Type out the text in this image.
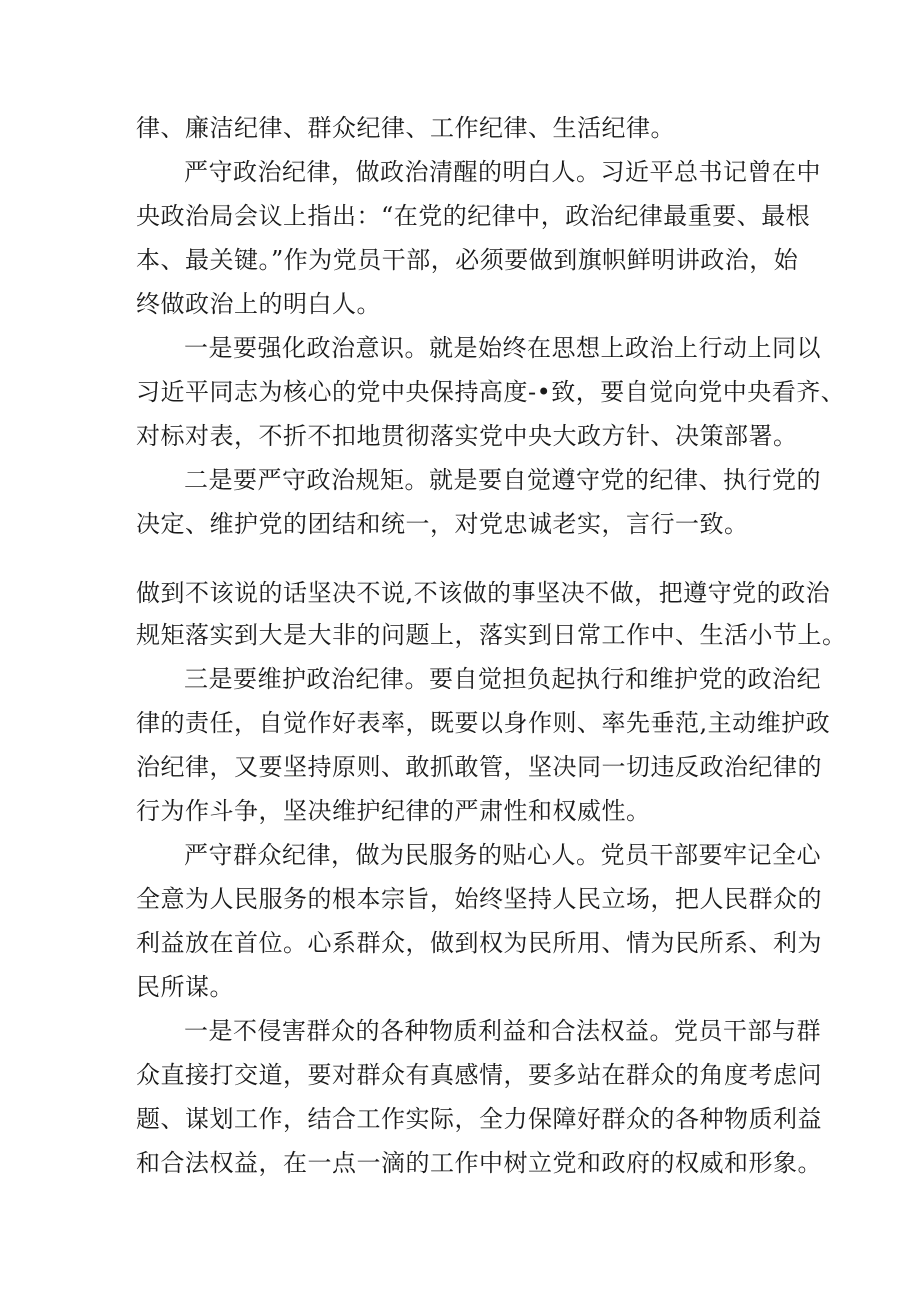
律、廉洁纪律、群众纪律、工作纪律、生活纪律。

严守政治纪律，做政治清醒的明白人。习近平总书记曾在中

央政治局会议上指出：“在党的纪律中，政治纪律最重要、最根

本、最关键。”作为党员干部，必须要做到旗帜鲜明讲政治，始

终做政治上的明白人。

一是要强化政治意识。就是始终在思想上政治上行动上同以

习近平同志为核心的党中央保持高度-•致，要自觉向党中央看齐、

对标对表，不折不扣地贯彻落实党中央大政方针、决策部署。

二是要严守政治规矩。就是要自觉遵守党的纪律、执行党的

决定、维护党的团结和统一，对党忠诚老实，言行一致。

做到不该说的话坚决不说,不该做的事坚决不做，把遵守党的政治

规矩落实到大是大非的问题上，落实到日常工作中、生活小节上。

三是要维护政治纪律。要自觉担负起执行和维护党的政治纪

律的责任，自觉作好表率，既要以身作则、率先垂范,主动维护政

治纪律，又要坚持原则、敢抓敢管，坚决同一切违反政治纪律的

行为作斗争，坚决维护纪律的严肃性和权威性。

严守群众纪律，做为民服务的贴心人。党员干部要牢记全心

全意为人民服务的根本宗旨，始终坚持人民立场，把人民群众的

利益放在首位。心系群众，做到权为民所用、情为民所系、利为

民所谋。

一是不侵害群众的各种物质利益和合法权益。党员干部与群

众直接打交道，要对群众有真感情，要多站在群众的角度考虑问

题、谋划工作，结合工作实际，全力保障好群众的各种物质利益

和合法权益，在一点一滴的工作中树立党和政府的权威和形象。
